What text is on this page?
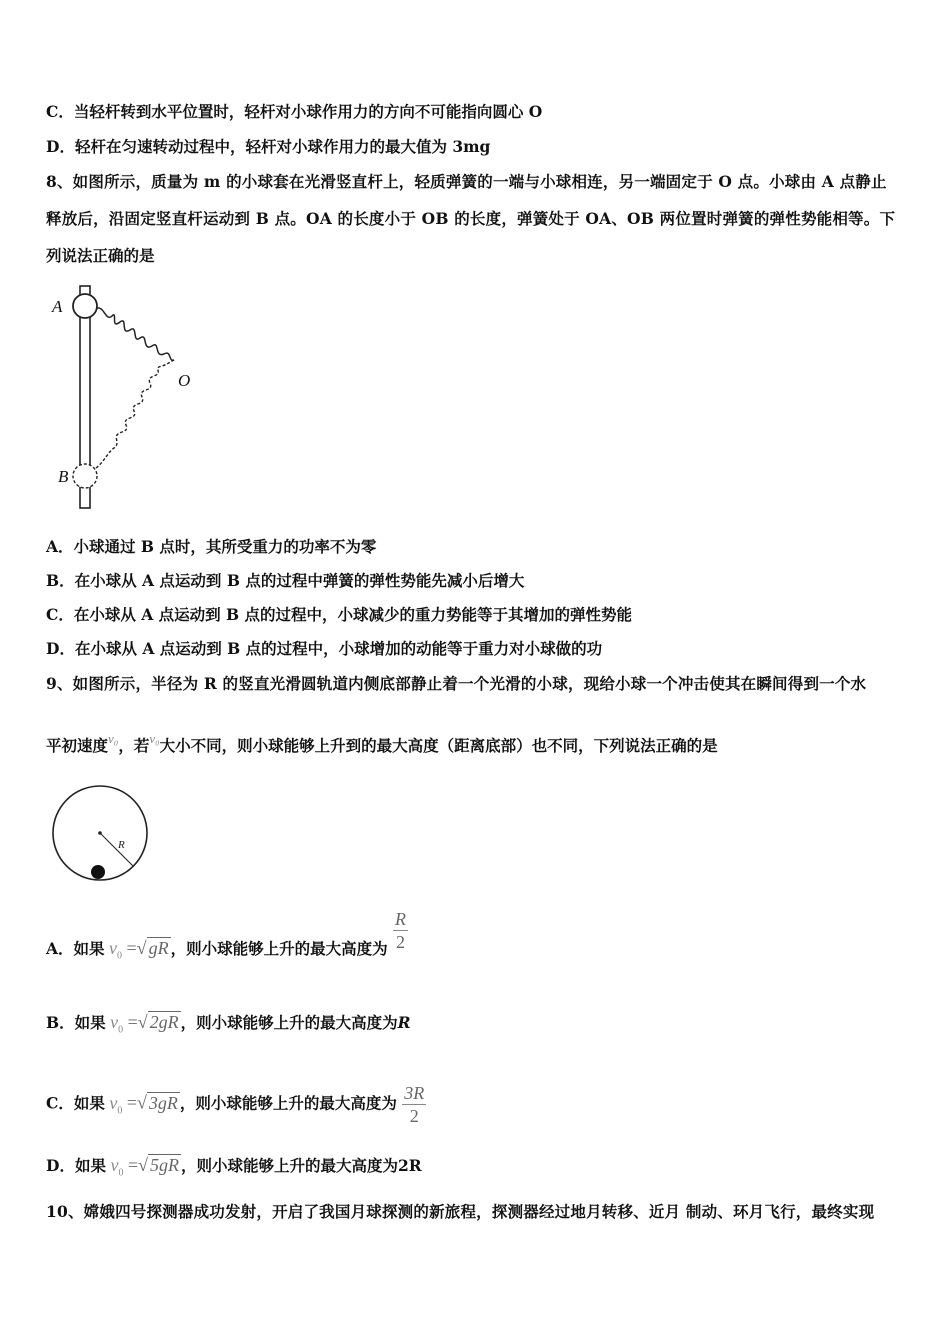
C．当轻杆转到水平位置时，轻杆对小球作用力的方向不可能指向圆心 O
D．轻杆在匀速转动过程中，轻杆对小球作用力的最大值为 3mg
8、如图所示，质量为 m 的小球套在光滑竖直杆上，轻质弹簧的一端与小球相连，另一端固定于 O 点。小球由 A 点静止
释放后，沿固定竖直杆运动到 B 点。OA 的长度小于 OB 的长度，弹簧处于 OA、OB 两位置时弹簧的弹性势能相等。下
列说法正确的是
A
B
O
A．小球通过 B 点时，其所受重力的功率不为零
B．在小球从 A 点运动到 B 点的过程中弹簧的弹性势能先减小后增大
C．在小球从 A 点运动到 B 点的过程中，小球减少的重力势能等于其增加的弹性势能
D．在小球从 A 点运动到 B 点的过程中，小球增加的动能等于重力对小球做的功
9、如图所示，半径为 R 的竖直光滑圆轨道内侧底部静止着一个光滑的小球，现给小球一个冲击使其在瞬间得到一个水
平初速度$^{v_0}$，若$^{v_0}$大小不同，则小球能够上升到的最大高度（距离底部）也不同，下列说法正确的是
R
A．如果 $v_0$ =√ gR ，则小球能够上升的最大高度为 $\frac{R}{2}$
B．如果 $v_0$ =√ 2gR ，则小球能够上升的最大高度为R
C．如果 $v_0$ =√ 3gR ，则小球能够上升的最大高度为 $\frac{3R}{2}$
D．如果 $v_0$ =√ 5gR ，则小球能够上升的最大高度为2R
10、嫦娥四号探测器成功发射，开启了我国月球探测的新旅程，探测器经过地月转移、近月 制动、环月飞行，最终实现
